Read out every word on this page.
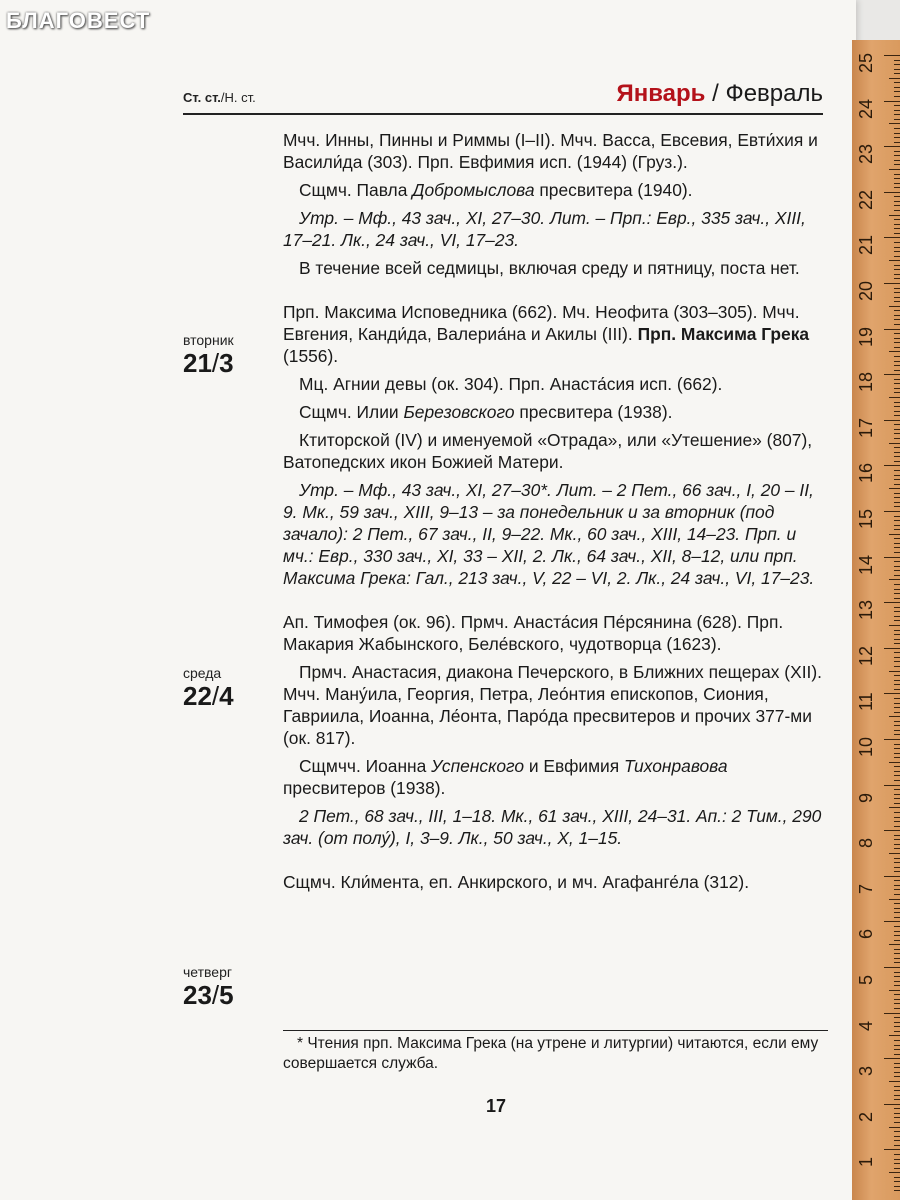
БЛАГОВЕСТ
Ст. ст./Н. ст.	Январь / Февраль
вторник
21/3
среда
22/4
четверг
23/5

Мчч. Инны, Пинны и Риммы (I–II). Мчч. Васса, Евсевия, Евти́хия и Васили́да (303). Прп. Евфимия исп. (1944) (Груз.).

Сщмч. Павла Добромыслова пресвитера (1940).

Утр. – Мф., 43 зач., XI, 27–30. Лит. – Прп.: Евр., 335 зач., XIII, 17–21. Лк., 24 зач., VI, 17–23.

В течение всей седмицы, включая среду и пятницу, поста нет.

Прп. Максима Исповедника (662). Мч. Неофита (303–305). Мчч. Евгения, Канди́да, Валериа́на и Акилы (III). Прп. Максима Грека (1556).

Мц. Агнии девы (ок. 304). Прп. Анаста́сия исп. (662).

Сщмч. Илии Березовского пресвитера (1938).

Ктиторской (IV) и именуемой «Отрада», или «Утешение» (807), Ватопедских икон Божией Матери.

Утр. – Мф., 43 зач., XI, 27–30*. Лит. – 2 Пет., 66 зач., I, 20 – II, 9. Мк., 59 зач., XIII, 9–13 – за понедельник и за вторник (под зачало): 2 Пет., 67 зач., II, 9–22. Мк., 60 зач., XIII, 14–23. Прп. и мч.: Евр., 330 зач., XI, 33 – XII, 2. Лк., 64 зач., XII, 8–12, или прп. Максима Грека: Гал., 213 зач., V, 22 – VI, 2. Лк., 24 зач., VI, 17–23.

Ап. Тимофея (ок. 96). Прмч. Анаста́сия Пе́рсянина (628). Прп. Макария Жабынского, Беле́вского, чудотворца (1623).

Прмч. Анастасия, диакона Печерского, в Ближних пещерах (XII). Мчч. Ману́ила, Георгия, Петра, Лео́нтия епископов, Сиония, Гавриила, Иоанна, Ле́онта, Паро́да пресвитеров и прочих 377-ми (ок. 817).

Сщмчч. Иоанна Успенского и Евфимия Тихонравова пресвитеров (1938).

2 Пет., 68 зач., III, 1–18. Мк., 61 зач., XIII, 24–31. Ап.: 2 Тим., 290 зач. (от полу́), I, 3–9. Лк., 50 зач., X, 1–15.

Сщмч. Кли́мента, еп. Анкирского, и мч. Агафанге́ла (312).

* Чтения прп. Максима Грека (на утрене и литургии) читаются, если ему совершается служба.
17
25
24
23
22
21
20
19
18
17
16
15
14
13
12
11
10
9
8
7
6
5
4
3
2
1
